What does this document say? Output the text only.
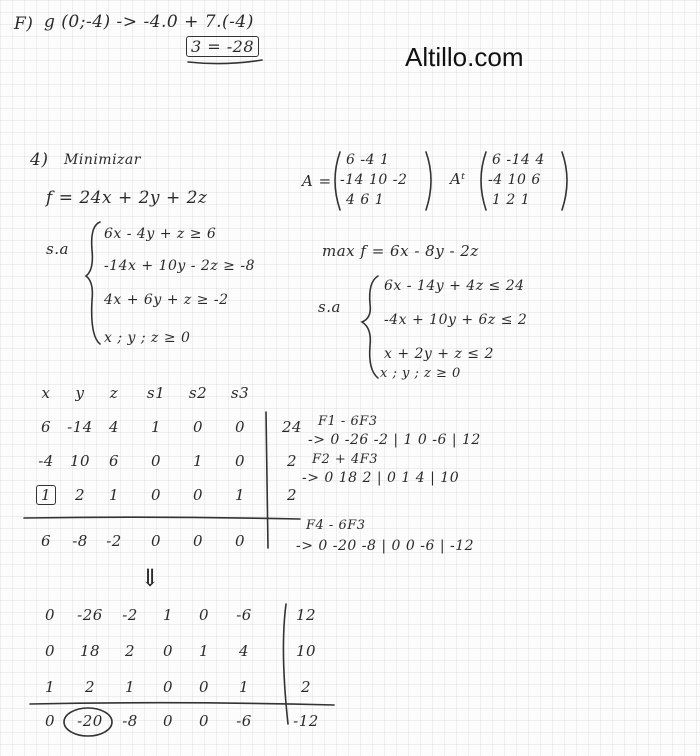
F) g (0;-4) -> -4.0 + 7.(-4)
3 = -28	Altillo.com
4) Minimizar
f = 24x + 2y + 2z
s.a
6x - 4y + z ≥ 6
-14x + 10y - 2z ≥ -8
4x + 6y + z ≥ -2
x ; y ; z ≥ 0
A =
6 -4 1
-14 10 -2
4 6 1
Aᵗ
6 -14 4
-4 10 6
1 2 1
max f = 6x - 8y - 2z
s.a
6x - 14y + 4z ≤ 24
-4x + 10y + 6z ≤ 2
x + 2y + z ≤ 2
x ; y ; z ≥ 0
x	y	z	s1	s2	s3
6	-14	4	1	0	0	24
-4	10	6	0	1	0	2
1	2	1	0	0	1	2
6	-8	-2	0	0	0
F1 - 6F3
-> 0 -26 -2 | 1 0 -6 | 12
F2 + 4F3
-> 0 18 2 | 0 1 4 | 10
F4 - 6F3
-> 0 -20 -8 | 0 0 -6 | -12
⇓
0	-26	-2	1	0	-6	12
0	18	2	0	1	4	10
1	2	1	0	0	1	2
0	-20	-8	0	0	-6	-12
